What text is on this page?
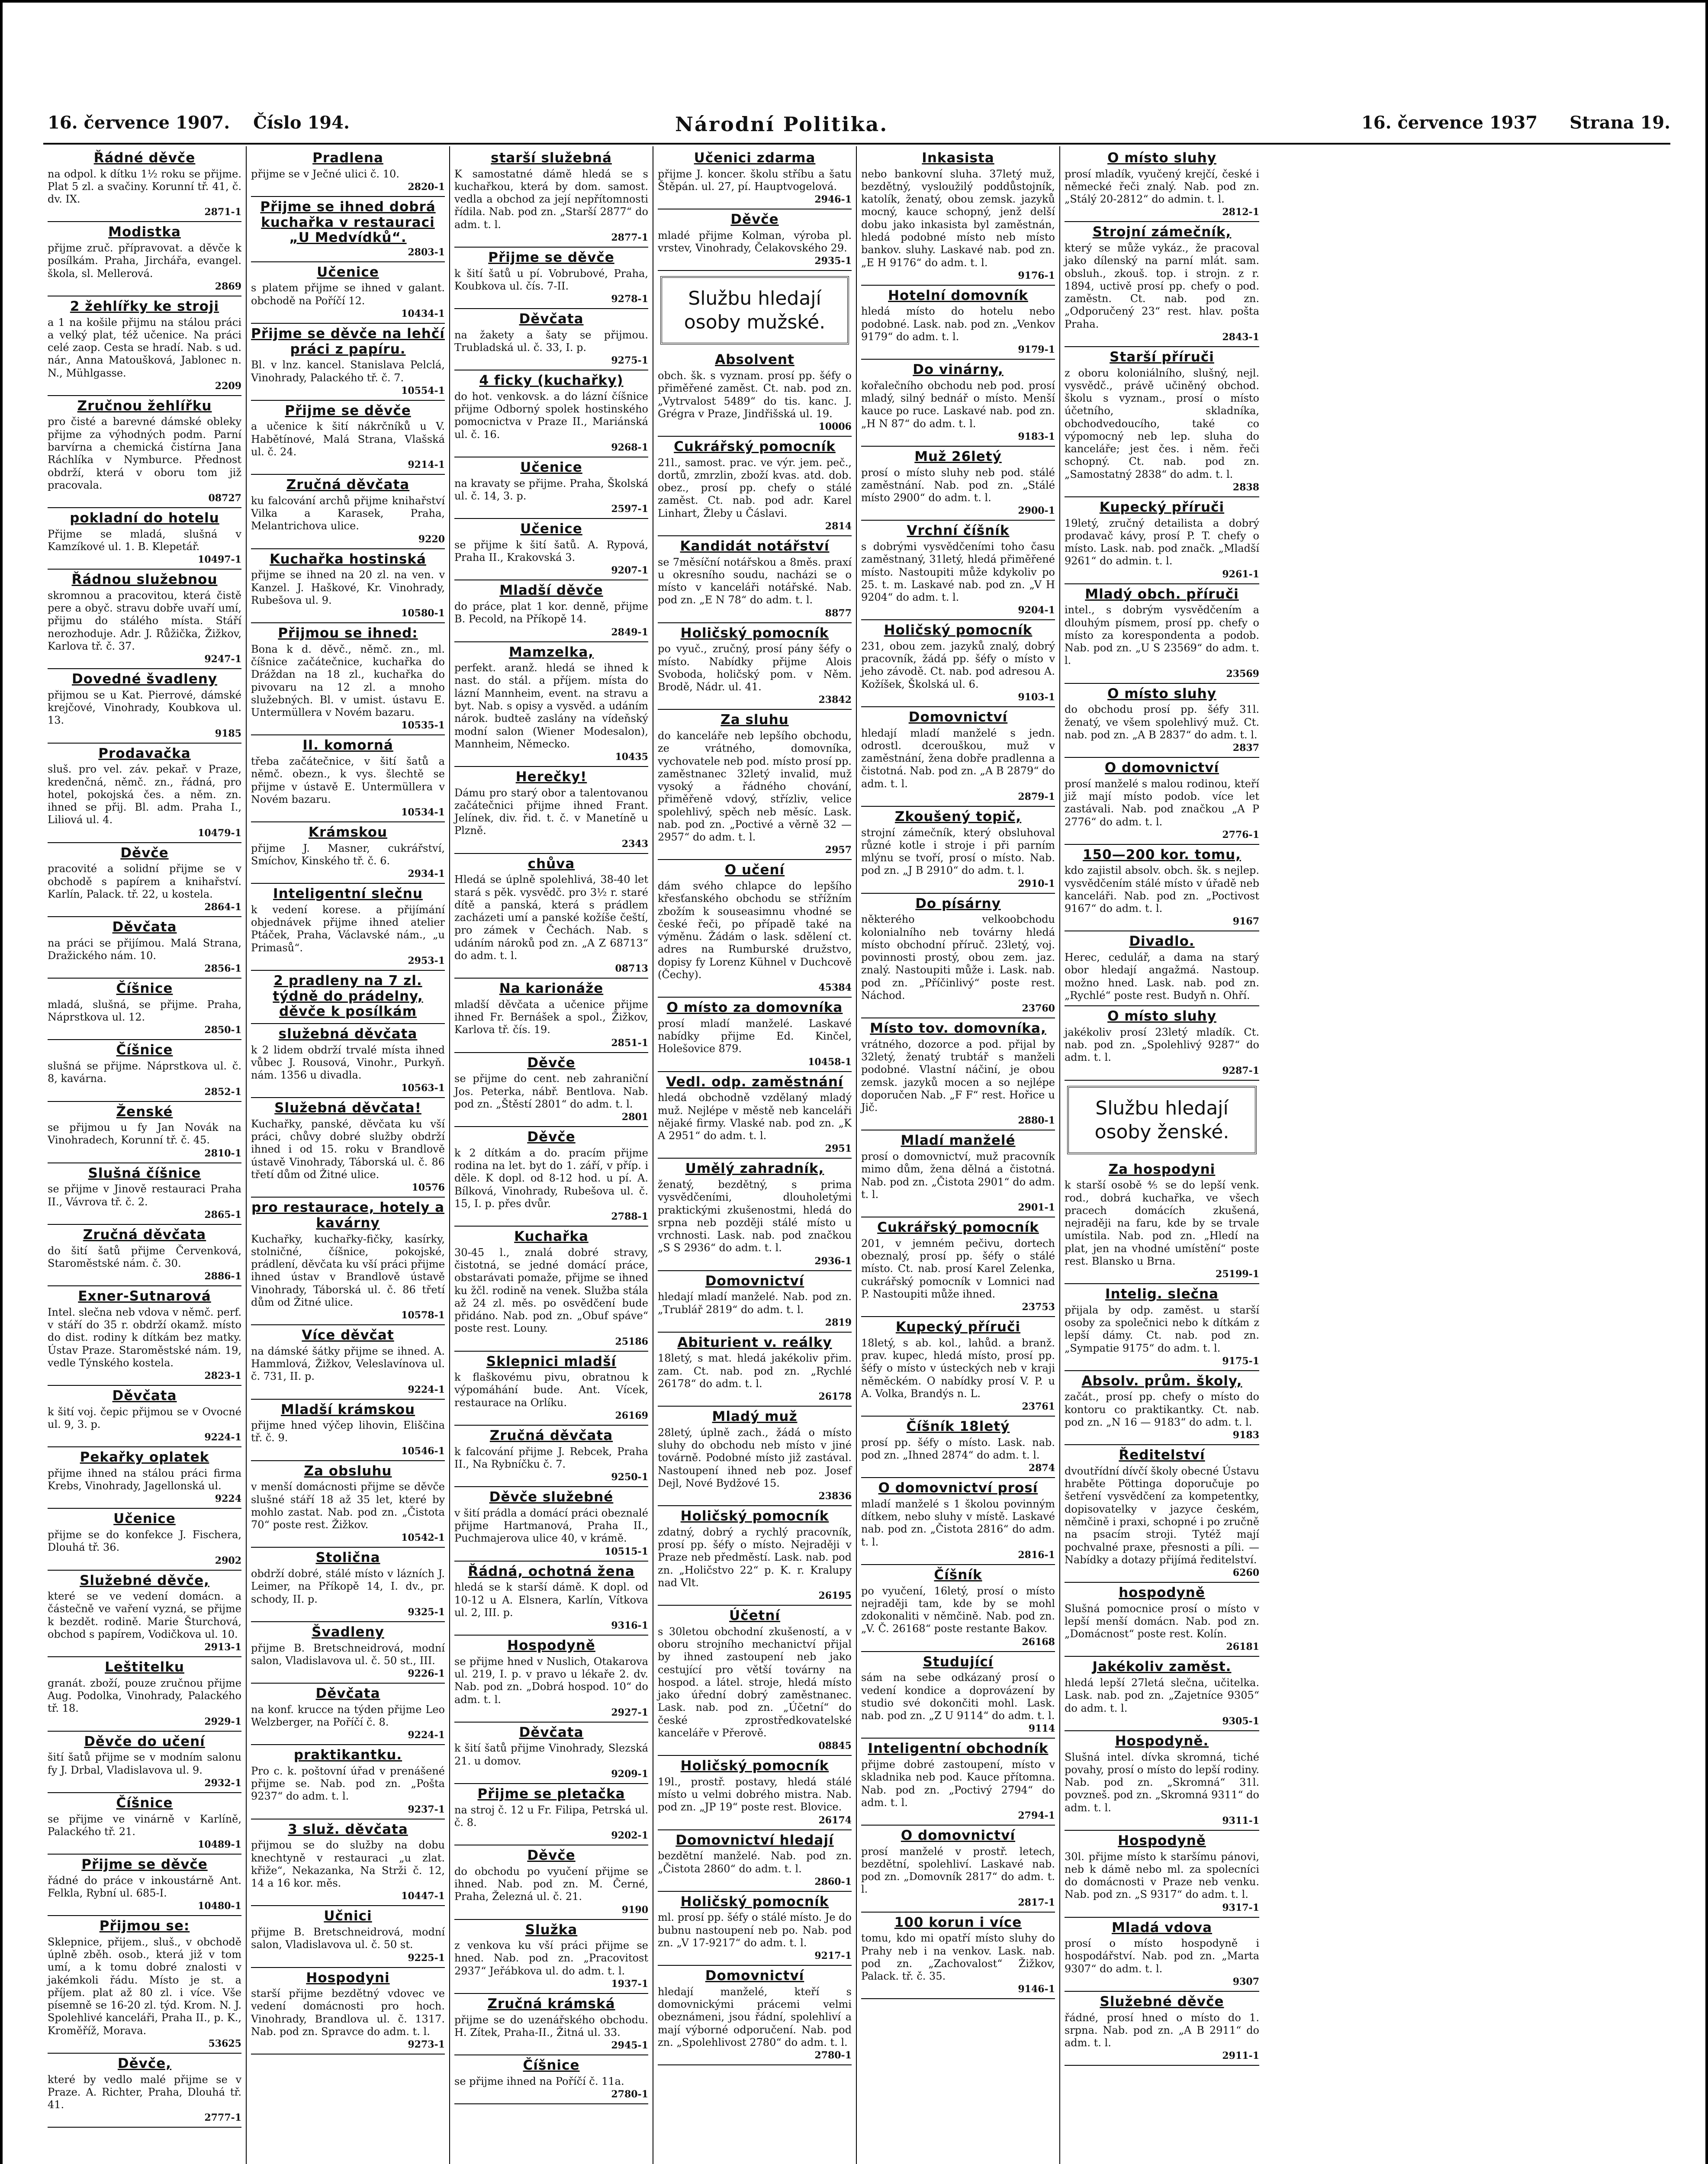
16. července 1907. Číslo 194.	Národní Politika.	16. července 1937 Strana 19.
Řádné děvče
na odpol. k dítku 1½ roku se přijme. Plat 5 zl. a svačiny. Korunní tř. 41, č. dv. IX.
2871-1
Modistka
přijme zruč. přípravovat. a děvče k posílkám. Praha, Jirchářa, evangel. škola, sl. Mellerová.
2869
2 žehlířky ke stroji
a 1 na košile přijmu na stálou práci a velký plat, též učenice. Na práci celé zaop. Cesta se hradí. Nab. s ud. nár., Anna Matoušková, Jablonec n. N., Mühlgasse.
2209
Zručnou žehlířku
pro čisté a barevné dámské obleky přijme za výhodných podm. Parní barvírna a chemická čistírna Jana Ráchlíka v Nymburce. Přednost obdrží, která v oboru tom již pracovala.
08727
pokladní do hotelu
Přijme se mladá, slušná v Kamzíkové ul. 1. B. Klepetář.
10497-1
Řádnou služebnou
skromnou a pracovitou, která čistě pere a obyč. stravu dobře uvaří umí, přijmu do stálého místa. Stáří nerozhoduje. Adr. J. Růžička, Žižkov, Karlova tř. č. 37.
9247-1
Dovedné švadleny
přijmou se u Kat. Pierrové, dámské krejčové, Vinohrady, Koubkova ul. 13.
9185
Prodavačka
sluš. pro vel. záv. pekař. v Praze, kredenčná, němč. zn., řádná, pro hotel, pokojská čes. a něm. zn. ihned se přij. Bl. adm. Praha I., Liliová ul. 4.
10479-1
Děvče
pracovité a solidní přijme se v obchodě s papírem a knihařství. Karlín, Palack. tř. 22, u kostela.
2864-1
Děvčata
na práci se přijímou. Malá Strana, Dražického nám. 10.
2856-1
Číšnice
mladá, slušná, se přijme. Praha, Náprstkova ul. 12.
2850-1
Číšnice
slušná se přijme. Náprstkova ul. č. 8, kavárna.
2852-1
Ženské
se přijmou u fy Jan Novák na Vinohradech, Korunní tř. č. 45.
2810-1
Slušná číšnice
se přijme v Jinově restauraci Praha II., Vávrova tř. č. 2.
2865-1
Zručná děvčata
do šití šatů přijme Červenková, Staroměstské nám. č. 30.
2886-1
Exner-Sutnarová
Intel. slečna neb vdova v němč. perf. v stáří do 35 r. obdrží okamž. místo do dist. rodiny k dítkám bez matky. Ústav Praze. Staroměstské nám. 19, vedle Týnského kostela.
2823-1
Děvčata
k šití voj. čepic přijmou se v Ovocné ul. 9, 3. p.
9224-1
Pekařky oplatek
přijme ihned na stálou práci firma Krebs, Vinohrady, Jagellonská ul.
9224
Učenice
přijme se do konfekce J. Fischera, Dlouhá tř. 36.
2902
Služebné děvče,
které se ve vedení domácn. a částečně ve vaření vyzná, se přijme k bezdět. rodině. Marie Šturchová, obchod s papírem, Vodičkova ul. 10.
2913-1
Leštitelku
granát. zboží, pouze zručnou přijme Aug. Podolka, Vinohrady, Palackého tř. 18.
2929-1
Děvče do učení
šití šatů přijme se v modním salonu fy J. Drbal, Vladislavova ul. 9.
2932-1
Číšnice
se přijme ve vinárně v Karlíně, Palackého tř. 21.
10489-1
Přijme se děvče
řádné do práce v inkoustárně Ant. Felkla, Rybní ul. 685-I.
10480-1
Přijmou se:
Sklepnice, přijem., sluš., v obchodě úplně zběh. osob., která již v tom umí, a k tomu dobré znalosti v jakémkoli řádu. Místo je st. a příjem. plat až 80 zl. i více. Vše písemně se 16-20 zl. týd. Krom. N. J. Spolehlivé kanceláři, Praha II., p. K., Kroměříž, Morava.
53625
Děvče,
které by vedlo malé přijme se v Praze. A. Richter, Praha, Dlouhá tř. 41.
2777-1
Pradlena
přijme se v Ječné ulici č. 10.
2820-1
Přijme se ihned dobrá kuchařka v restauraci „U Medvídků“.
2803-1
Učenice
s platem přijme se ihned v galant. obchodě na Poříčí 12.
10434-1
Přijme se děvče na lehčí práci z papíru.
Bl. v lnz. kancel. Stanislava Pelclá, Vinohrady, Palackého tř. č. 7.
10554-1
Přijme se děvče
a učenice k šití nákrčníků u V. Habětínové, Malá Strana, Vlašská ul. č. 24.
9214-1
Zručná děvčata
ku falcování archů přijme knihařství Vilka a Karasek, Praha, Melantrichova ulice.
9220
Kuchařka hostinská
přijme se ihned na 20 zl. na ven. v Kanzel. J. Haškové, Kr. Vinohrady, Rubešova ul. 9.
10580-1
Přijmou se ihned:
Bona k d. děvč., němč. zn., ml. číšnice začátečnice, kuchařka do Dráždan na 18 zl., kuchařka do pivovaru na 12 zl. a mnoho služebných. Bl. v umist. ústavu E. Untermüllera v Novém bazaru.
10535-1
II. komorná
třeba začátečnice, v šití šatů a němč. obezn., k vys. šlechtě se přijme v ústavě E. Untermüllera v Novém bazaru.
10534-1
Krámskou
přijme J. Masner, cukrářství, Smíchov, Kinského tř. č. 6.
2934-1
Inteligentní slečnu
k vedení korese. a přijímání objednávek přijme ihned atelier Ptáček, Praha, Václavské nám., „u Primasů“.
2953-1
2 pradleny na 7 zl. týdně do prádelny, děvče k posílkám
služebná děvčata
k 2 lidem obdrží trvalé místa ihned vůbec J. Rousová, Vinohr., Purkyň. nám. 1356 u divadla.
10563-1
Služebná děvčata!
Kuchařky, panské, děvčata ku vší práci, chůvy dobré služby obdrží ihned i od 15. roku v Brandlově ústavě Vinohrady, Táborská ul. č. 86 třetí dům od Žitné ulice.
10576
pro restaurace, hotely a kavárny
Kuchařky, kuchařky-fičky, kasírky, stolničné, číšnice, pokojské, prádlení, děvčata ku vší práci přijme ihned ústav v Brandlově ústavě Vinohrady, Táborská ul. č. 86 třetí dům od Žitné ulice.
10578-1
Více děvčat
na dámské šátky přijme se ihned. A. Hammlová, Žižkov, Veleslavínova ul. č. 731, II. p.
9224-1
Mladší krámskou
přijme hned výčep lihovin, Eliščina tř. č. 9.
10546-1
Za obsluhu
v menší domácnosti přijme se děvče slušné stáří 18 až 35 let, které by mohlo zastat. Nab. pod zn. „Čistota 70“ poste rest. Žižkov.
10542-1
Stolična
obdrží dobré, stálé místo v lázních J. Leimer, na Příkopě 14, I. dv., pr. schody, II. p.
9325-1
Švadleny
přijme B. Bretschneidrová, modní salon, Vladislavova ul. č. 50 st., III.
9226-1
Děvčata
na konf. krucce na týden přijme Leo Welzberger, na Poříčí č. 8.
9224-1
praktikantku.
Pro c. k. poštovní úřad v prenášené přijme se. Nab. pod zn. „Pošta 9237“ do adm. t. l.
9237-1
3 služ. děvčata
přijmou se do služby na dobu knechtyně v restauraci „u zlat. křiže“, Nekazanka, Na Strži č. 12, 14 a 16 kor. měs.
10447-1
Učnici
přijme B. Bretschneidrová, modní salon, Vladislavova ul. č. 50 st.
9225-1
Hospodyni
starší přijme bezdětný vdovec ve vedení domácnosti pro hoch. Vinohrady, Brandlova ul. č. 1317. Nab. pod zn. Spravce do adm. t. l.
9273-1
starší služebná
K samostatné dámě hledá se s kuchařkou, která by dom. samost. vedla a obchod za její nepřítomnosti řídila. Nab. pod zn. „Starší 2877“ do adm. t. l.
2877-1
Přijme se děvče
k šití šatů u pí. Vobrubové, Praha, Koubkova ul. čís. 7-II.
9278-1
Děvčata
na žakety a šaty se přijmou. Trubladská ul. č. 33, I. p.
9275-1
4 ficky (kuchařky)
do hot. venkovsk. a do lázní číšnice přijme Odborný spolek hostinského pomocnictva v Praze II., Mariánská ul. č. 16.
9268-1
Učenice
na kravaty se přijme. Praha, Školská ul. č. 14, 3. p.
2597-1
Učenice
se přijme k šití šatů. A. Rypová, Praha II., Krakovská 3.
9207-1
Mladší děvče
do práce, plat 1 kor. denně, přijme B. Pecold, na Příkopě 14.
2849-1
Mamzelka,
perfekt. aranž. hledá se ihned k nast. do stál. a příjem. místa do lázní Mannheim, event. na stravu a byt. Nab. s opisy a vysvěd. a udáním nárok. budteě zaslány na vídeňský modní salon (Wiener Modesalon), Mannheim, Německo.
10435
Herečky!
Dámu pro starý obor a talentovanou začátečnici přijme ihned Frant. Jelínek, div. řid. t. č. v Manetíně u Plzně.
2343
chůva
Hledá se úplně spolehlivá, 38-40 let stará s pěk. vysvědč. pro 3½ r. staré dítě a panská, která s prádlem zacházeti umí a panské kožíše čeští, pro zámek v Čechách. Nab. s udáním nároků pod zn. „A Z 68713“ do adm. t. l.
08713
Na karionáže
mladší děvčata a učenice přijme ihned Fr. Bernášek a spol., Žižkov, Karlova tř. čís. 19.
2851-1
Děvče
se přijme do cent. neb zahraniční Jos. Peterka, nábř. Bentlova. Nab. pod zn. „Štěstí 2801“ do adm. t. l.
2801
Děvče
k 2 dítkám a do. pracím přijme rodina na let. byt do 1. září, v příp. i děle. K dopl. od 8-12 hod. u pí. A. Bílková, Vinohrady, Rubešova ul. č. 15, I. p. přes dvůr.
2788-1
Kuchařka
30-45 l., znalá dobré stravy, čistotná, se jedné domácí práce, obstarávati pomaže, přijme se ihned ku žčl. rodině na venek. Služba stála až 24 zl. měs. po osvědčení bude přidáno. Nab. pod zn. „Obuf spáve“ poste rest. Louny.
25186
Sklepnici mladší
k flaškovému pivu, obratnou k výpomáhání bude. Ant. Vícek, restaurace na Orlíku.
26169
Zručná děvčata
k falcování přijme J. Rebcek, Praha II., Na Rybníčku č. 7.
9250-1
Děvče služebné
v šití prádla a domácí práci obeznalé přijme Hartmanová, Praha II., Puchmajerova ulice 40, v krámě.
10515-1
Řádná, ochotná žena
hledá se k starší dámě. K dopl. od 10-12 u A. Elsnera, Karlín, Vítkova ul. 2, III. p.
9316-1
Hospodyně
se přijme hned v Nuslich, Otakarova ul. 219, I. p. v pravo u lékaře 2. dv. Nab. pod zn. „Dobrá hospod. 10“ do adm. t. l.
2927-1
Děvčata
k šití šatů přijme Vinohrady, Slezská 21. u domov.
9209-1
Přijme se pletačka
na stroj č. 12 u Fr. Filipa, Petrská ul. č. 8.
9202-1
Děvče
do obchodu po vyučení přijme se ihned. Nab. pod zn. M. Černé, Praha, Železná ul. č. 21.
9190
Služka
z venkova ku vší práci přijme se hned. Nab. pod zn. „Pracovitost 2937“ Jeřábkova ul. do adm. t. l.
1937-1
Zručná krámská
přijme se do uzenářského obchodu. H. Zítek, Praha-II., Žitná ul. 33.
2945-1
Číšnice
se přijme ihned na Poříčí č. 11a.
2780-1
Učenici zdarma
přijme J. koncer. školu stříbu a šatu Štěpán. ul. 27, pí. Hauptvogelová.
2946-1
Děvče
mladé přijme Kolman, výroba pl. vrstev, Vinohrady, Čelakovského 29.
2935-1
Službu hledají osoby mužské.
Absolvent
obch. šk. s vyznam. prosí pp. šéfy o přiměřené zaměst. Ct. nab. pod zn. „Vytrvalost 5489“ do tis. kanc. J. Grégra v Praze, Jindřišská ul. 19.
10006
Cukrářský pomocník
21l., samost. prac. ve výr. jem. peč., dortů, zmrzlin, zboží kvas. atd. dob. obez., prosí pp. chefy o stálé zaměst. Ct. nab. pod adr. Karel Linhart, Žleby u Čáslavi.
2814
Kandidát notářství
se 7měsíční notářskou a 8měs. praxí u okresního soudu, nacházi se o místo v kanceláři notářské. Nab. pod zn. „E N 78“ do adm. t. l.
8877
Holičský pomocník
po vyuč., zručný, prosí pány šéfy o místo. Nabídky přijme Alois Svoboda, holičský pom. v Něm. Brodě, Nádr. ul. 41.
23842
Za sluhu
do kanceláře neb lepšího obchodu, ze vrátného, domovníka, vychovatele neb pod. místo prosí pp. zaměstnanec 32letý invalid, muž vysoký a řádného chování, přiměřeně vdový, střízliv, velice spolehlivý, spěch neb měsíc. Lask. nab. pod zn. „Poctivé a věrně 32 — 2957“ do adm. t. l.
2957
O učení
dám svého chlapce do lepšího křesťanského obchodu se střížním zbožím k souseasimnu vhodné se české řeči, po případě také na výměnu. Žádám o lask. sdělení ct. adres na Rumburské družstvo, dopisy fy Lorenz Kühnel v Duchcově (Čechy).
45384
O místo za domovníka
prosí mladí manželé. Laskavé nabídky přijme Ed. Kinčel, Holešovice 879.
10458-1
Vedl. odp. zaměstnání
hledá obchodně vzdělaný mladý muž. Nejlépe v městě neb kanceláři nějaké firmy. Vlaské nab. pod zn. „K A 2951“ do adm. t. l.
2951
Umělý zahradník,
ženatý, bezdětný, s prima vysvědčeními, dlouholetými praktickými zkušenostmi, hledá do srpna neb později stálé místo u vrchnosti. Lask. nab. pod značkou „S S 2936“ do adm. t. l.
2936-1
Domovnictví
hledají mladí manželé. Nab. pod zn. „Trublář 2819“ do adm. t. l.
2819
Abiturient v. reálky
18letý, s mat. hledá jakékoliv přim. zam. Ct. nab. pod zn. „Rychlé 26178“ do adm. t. l.
26178
Mladý muž
28letý, úplně zach., žádá o místo sluhy do obchodu neb místo v jiné továrně. Podobné místo již zastával. Nastoupení ihned neb poz. Josef Dejl, Nové Bydžové 15.
23836
Holičský pomocník
zdatný, dobrý a rychlý pracovník, prosí pp. šéfy o místo. Nejraději v Praze neb předměstí. Lask. nab. pod zn. „Holičstvo 22“ p. K. r. Kralupy nad Vlt.
26195
Účetní
s 30letou obchodní zkušeností, a v oboru strojního mechanictví přijal by ihned zastoupení neb jako cestující pro větší továrny na hospod. a látel. stroje, hledá místo jako úřední dobrý zaměstnanec. Lask. nab. pod zn. „Účetní“ do české zprostředkovatelské kanceláře v Přerově.
08845
Holičský pomocník
19l., prostř. postavy, hledá stálé místo u velmi dobrého mistra. Nab. pod zn. „JP 19“ poste rest. Blovice.
26174
Domovnictví hledají
bezdětní manželé. Nab. pod zn. „Čistota 2860“ do adm. t. l.
2860-1
Holičský pomocník
ml. prosí pp. šéfy o stálé místo. Je do bubnu nastoupení neb po. Nab. pod zn. „V 17-9217“ do adm. t. l.
9217-1
Domovnictví
hledají manželé, kteří s domovnickými prácemi velmi obeznámeni, jsou řádní, spolehliví a mají výborné odporučení. Nab. pod zn. „Spolehlivost 2780“ do adm. t. l.
2780-1
Inkasista
nebo bankovní sluha. 37letý muž, bezdětný, vysloužilý poddůstojník, katolík, ženatý, obou zemsk. jazyků mocný, kauce schopný, jenž delší dobu jako inkasista byl zaměstnán, hledá podobné místo neb místo bankov. sluhy. Laskavé nab. pod zn. „E H 9176“ do adm. t. l.
9176-1
Hotelní domovník
hledá místo do hotelu nebo podobné. Lask. nab. pod zn. „Venkov 9179“ do adm. t. l.
9179-1
Do vinárny,
kořalečního obchodu neb pod. prosí mladý, silný bednář o místo. Menší kauce po ruce. Laskavé nab. pod zn. „H N 87“ do adm. t. l.
9183-1
Muž 26letý
prosí o místo sluhy neb pod. stálé zaměstnání. Nab. pod zn. „Stálé místo 2900“ do adm. t. l.
2900-1
Vrchní číšník
s dobrými vysvědčeními toho času zaměstnaný, 31letý, hledá přiměřené místo. Nastoupiti může kdykoliv po 25. t. m. Laskavé nab. pod zn. „V H 9204“ do adm. t. l.
9204-1
Holičský pomocník
231, obou zem. jazyků znalý, dobrý pracovník, žádá pp. šéfy o místo v jeho závodě. Ct. nab. pod adresou A. Kožíšek, Školská ul. 6.
9103-1
Domovnictví
hledají mladí manželé s jedn. odrostl. dcerouškou, muž v zaměstnání, žena dobře pradlenna a čistotná. Nab. pod zn. „A B 2879“ do adm. t. l.
2879-1
Zkoušený topič,
strojní zámečník, který obsluhoval různé kotle i stroje i při parním mlýnu se tvoří, prosí o místo. Nab. pod zn. „J B 2910“ do adm. t. l.
2910-1
Do písárny
některého velkoobchodu kolonialního neb továrny hledá místo obchodní příruč. 23letý, voj. povinnosti prostý, obou zem. jaz. znalý. Nastoupiti může i. Lask. nab. pod zn. „Příčinlivý“ poste rest. Náchod.
23760
Místo tov. domovníka,
vrátného, dozorce a pod. přijal by 32letý, ženatý trubtář s manželi podobné. Vlastní náčiní, je obou zemsk. jazyků mocen a so nejlépe doporučen Nab. „F F“ rest. Hořice u Jič.
2880-1
Mladí manželé
prosí o domovnictví, muž pracovník mimo dům, žena dělná a čistotná. Nab. pod zn. „Čistota 2901“ do adm. t. l.
2901-1
Cukrářský pomocník
201, v jemném pečivu, dortech obeznalý, prosí pp. šéfy o stálé místo. Ct. nab. prosí Karel Zelenka, cukrářský pomocník v Lomnici nad P. Nastoupiti může ihned.
23753
Kupecký příruči
18letý, s ab. kol., lahůd. a branž. prav. kupec, hledá místo, prosí pp. šéfy o místo v ústeckých neb v kraji něměckém. O nabídky prosí V. P. u A. Volka, Brandýs n. L.
23761
Číšník 18letý
prosí pp. šéfy o místo. Lask. nab. pod zn. „Ihned 2874“ do adm. t. l.
2874
O domovnictví prosí
mladí manželé s 1 školou povinným dítkem, nebo sluhy v místě. Laskavé nab. pod zn. „Čistota 2816“ do adm. t. l.
2816-1
Číšník
po vyučení, 16letý, prosí o místo nejraději tam, kde by se mohl zdokonaliti v němčině. Nab. pod zn. „V. Č. 26168“ poste restante Bakov.
26168
Studující
sám na sebe odkázaný prosí o vedení kondice a doprovázení by studio své dokončiti mohl. Lask. nab. pod zn. „Z U 9114“ do adm. t. l.
9114
Inteligentní obchodník
přijme dobré zastoupení, místo v skladnika neb pod. Kauce přítomna. Nab. pod zn. „Poctivý 2794“ do adm. t. l.
2794-1
O domovnictví
prosí manželé v prostř. letech, bezdětní, spolehliví. Laskavé nab. pod zn. „Domovník 2817“ do adm. t. l.
2817-1
100 korun i více
tomu, kdo mi opatří místo sluhy do Prahy neb i na venkov. Lask. nab. pod zn. „Zachovalost“ Žižkov, Palack. tř. č. 35.
9146-1
O místo sluhy
prosí mladík, vyučený krejčí, české i německé řeči znalý. Nab. pod zn. „Stálý 20-2812“ do admin. t. l.
2812-1
Strojní zámečník,
který se může vykáz., že pracoval jako dílenský na parní mlát. sam. obsluh., zkouš. top. i strojn. z r. 1894, uctivě prosí pp. chefy o pod. zaměstn. Ct. nab. pod zn. „Odporučený 23“ rest. hlav. pošta Praha.
2843-1
Starší příruči
z oboru koloniálního, slušný, nejl. vysvědč., právě učiněný obchod. školu s vyznam., prosí o místo účetního, skladníka, obchodvedoucího, také co výpomocný neb lep. sluha do kanceláře; jest čes. i něm. řeči schopný. Ct. nab. pod zn. „Samostatný 2838“ do adm. t. l.
2838
Kupecký příruči
19letý, zručný detailista a dobrý prodavač kávy, prosí P. T. chefy o místo. Lask. nab. pod značk. „Mladší 9261“ do admin. t. l.
9261-1
Mladý obch. příruči
intel., s dobrým vysvědčením a dlouhým písmem, prosí pp. chefy o místo za korespondenta a podob. Nab. pod zn. „U S 23569“ do adm. t. l.
23569
O místo sluhy
do obchodu prosí pp. šéfy 31l. ženatý, ve všem spolehlivý muž. Ct. nab. pod zn. „A B 2837“ do adm. t. l.
2837
O domovnictví
prosí manželé s malou rodinou, kteří již mají místo podob. více let zastávali. Nab. pod značkou „A P 2776“ do adm. t. l.
2776-1
150—200 kor. tomu,
kdo zajistil absolv. obch. šk. s nejlep. vysvědčením stálé místo v úřadě neb kanceláři. Nab. pod zn. „Poctivost 9167“ do adm. t. l.
9167
Divadlo.
Herec, cedulář, a dama na starý obor hledají angažmá. Nastoup. možno hned. Lask. nab. pod zn. „Rychlé“ poste rest. Budyň n. Ohří.
O místo sluhy
jakékoliv prosí 23letý mladík. Ct. nab. pod zn. „Spolehlivý 9287“ do adm. t. l.
9287-1
Službu hledají osoby ženské.
Za hospodyni
k starší osobě ⅘ se do lepší venk. rod., dobrá kuchařka, ve všech pracech domácích zkušená, nejraději na faru, kde by se trvale umístila. Nab. pod zn. „Hledí na plat, jen na vhodné umístění“ poste rest. Blansko u Brna.
25199-1
Intelig. slečna
přijala by odp. zaměst. u starší osoby za společnici nebo k dítkám z lepší dámy. Ct. nab. pod zn. „Sympatie 9175“ do adm. t. l.
9175-1
Absolv. prům. školy,
začát., prosí pp. chefy o místo do kontoru co praktikantky. Ct. nab. pod zn. „N 16 — 9183“ do adm. t. l.
9183
Ředitelství
dvoutřídní dívčí školy obecné Ústavu hraběte Pöttinga doporučuje po šetření vysvědčení za kompetentky, dopisovatelky v jazyce českém, němčině i praxi, schopné i po zručně na psacím stroji. Tytéž mají pochvalné praxe, přesnosti a píli. — Nabídky a dotazy přijímá ředitelství.
6260
hospodyně
Slušná pomocnice prosí o místo v lepší menší domácn. Nab. pod zn. „Domácnost“ poste rest. Kolín.
26181
Jakékoliv zaměst.
hledá lepší 27letá slečna, učitelka. Lask. nab. pod zn. „Zajetníce 9305“ do adm. t. l.
9305-1
Hospodyně.
Slušná intel. dívka skromná, tiché povahy, prosí o místo do lepší rodiny. Nab. pod zn. „Skromná“ 31l. povzneš. pod zn. „Skromná 9311“ do adm. t. l.
9311-1
Hospodyně
30l. přijme místo k staršímu pánovi, neb k dámě nebo ml. za spolecníci do domácnosti v Praze neb venku. Nab. pod zn. „S 9317“ do adm. t. l.
9317-1
Mladá vdova
prosí o místo hospodyně i hospodářství. Nab. pod zn. „Marta 9307“ do adm. t. l.
9307
Služebné děvče
řádné, prosí hned o místo do 1. srpna. Nab. pod zn. „A B 2911“ do adm. t. l.
2911-1
